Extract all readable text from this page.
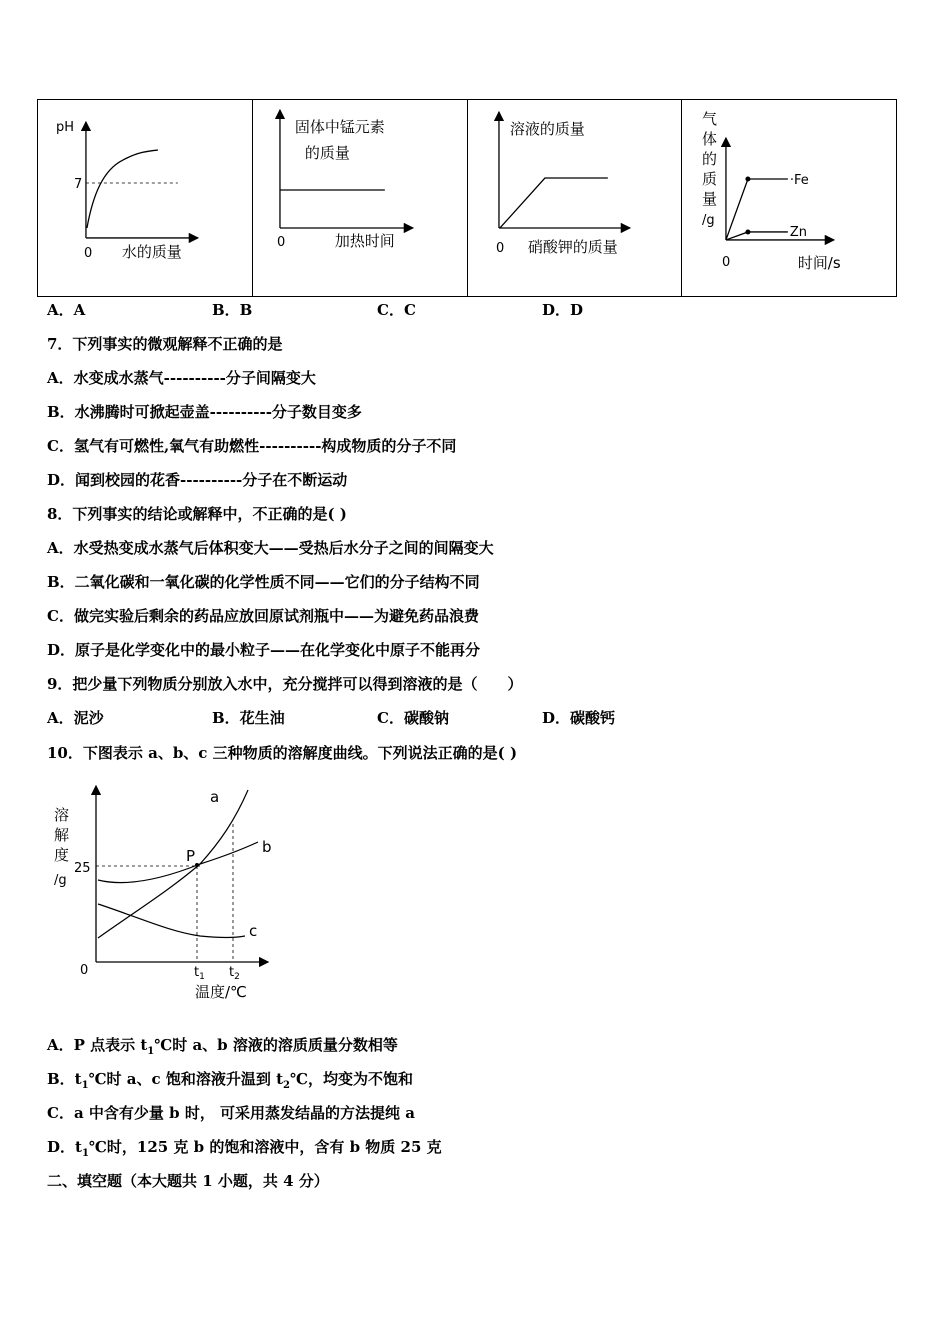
pH
7
0 水的质量
固体中锰元素
的质量
0	加热时间
溶液的质量
0 硝酸钾的质量
气
体
的
质
量
/g
·Fe
Zn
0	时间/s
A．A	B．B	C．C	D．D
7．下列事实的微观解释不正确的是
A．水变成水蒸气----------分子间隔变大
B．水沸腾时可掀起壶盖----------分子数目变多
C．氢气有可燃性,氧气有助燃性----------构成物质的分子不同
D．闻到校园的花香----------分子在不断运动
8．下列事实的结论或解释中，不正确的是( )
A．水受热变成水蒸气后体积变大——受热后水分子之间的间隔变大
B．二氧化碳和一氧化碳的化学性质不同——它们的分子结构不同
C．做完实验后剩余的药品应放回原试剂瓶中——为避免药品浪费
D．原子是化学变化中的最小粒子——在化学变化中原子不能再分
9．把少量下列物质分别放入水中，充分搅拌可以得到溶液的是（　　）
A．泥沙	B．花生油	C．碳酸钠	D．碳酸钙
10．下图表示 a、b、c 三种物质的溶解度曲线。下列说法正确的是( )
a
b
c
P
25
0	$t_1$ $t_2$
温度/℃
溶
解
度
/g
A．P 点表示 $t_1℃$时 a、b 溶液的溶质质量分数相等
B．$t_1℃$时 a、c 饱和溶液升温到 $t_2℃$，均变为不饱和
C．a 中含有少量 b 时， 可采用蒸发结晶的方法提纯 a
D．$t_1℃$时，125 克 b 的饱和溶液中，含有 b 物质 25 克
二、填空题（本大题共 1 小题，共 4 分）
